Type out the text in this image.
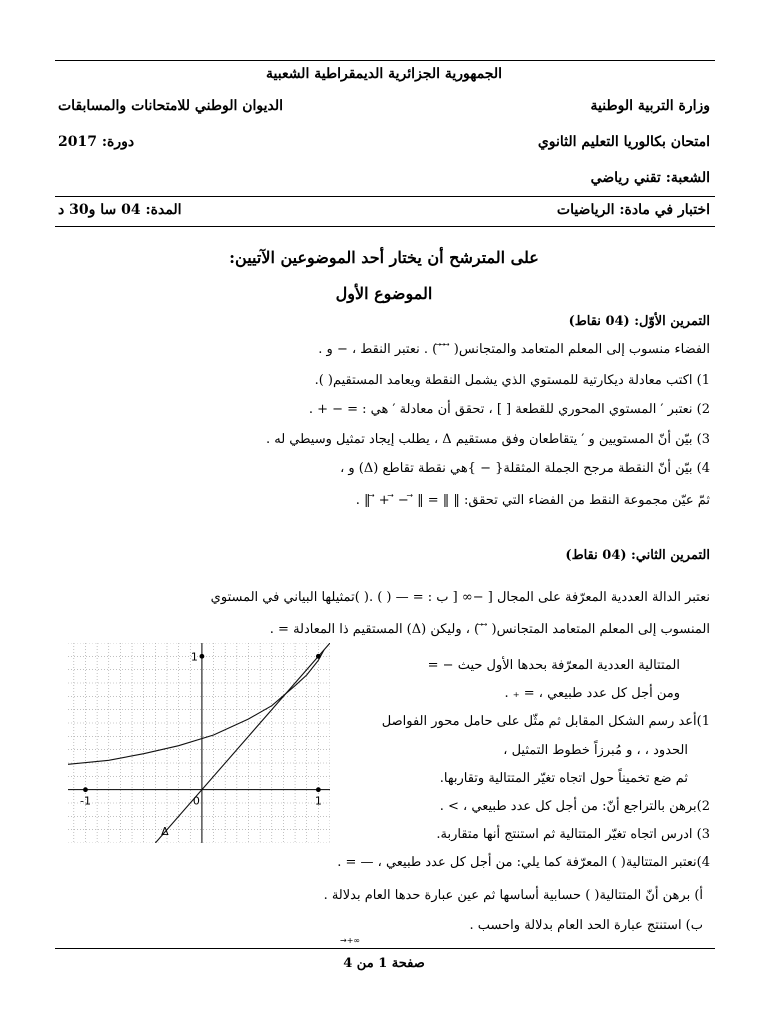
الجمهورية الجزائرية الديمقراطية الشعبية
وزارة التربية الوطنية
الديوان الوطني للامتحانات والمسابقات
امتحان بكالوريا التعليم الثانوي
دورة: 2017
الشعبة: تقني رياضي
اختبار في مادة: الرياضيات
المدة: 04 سا و30 د
على المترشح أن يختار أحد الموضوعين الآتيين:
الموضوع الأول
التمرين الأوّل: (04 نقاط)
الفضاء منسوب إلى المعلم المتعامد والمتجانس( ⃗ ⃗ ⃗ ) . نعتبر النقط ، − و .
1) اكتب معادلة ديكارتية للمستوي الذي يشمل النقطة ويعامد المستقيم( ).
2) نعتبر ′ المستوي المحوري للقطعة [ ] ، تحقق أن معادلة ′ هي : = − + .
3) بيّن أنّ المستويين و ′ يتقاطعان وفق مستقيم Δ ، يطلب إيجاد تمثيل وسيطي له .
4) بيّن أنّ النقطة مرجح الجملة المثقلة{ − }هي نقطة تقاطع (Δ) و ،
ثمّ عيّن مجموعة النقط من الفضاء التي تحقق: ‖ ‖ = ‖ ⃗ − ⃗ + ⃗ ‖ .
التمرين الثاني: (04 نقاط)
نعتبر الدالة العددية المعرّفة على المجال [ −∞ [ ب : = — ( ) .( )تمثيلها البياني في المستوي
المنسوب إلى المعلم المتعامد المتجانس( ⃗ ⃗ ) ، وليكن (Δ) المستقيم ذا المعادلة = .
المتتالية العددية المعرّفة بحدها الأول حيث − =
ومن أجل كل عدد طبيعي ، = ₊ .
1)أعد رسم الشكل المقابل ثم مثّل على حامل محور الفواصل
الحدود ، ، و مُبرزاً خطوط التمثيل ،
ثم ضع تخميناً حول اتجاه تغيّر المتتالية وتقاربها.
2)برهن بالتراجع أنّ: من أجل كل عدد طبيعي ، > .
3) ادرس اتجاه تغيّر المتتالية ثم استنتج أنها متقاربة.
4)نعتبر المتتالية( ) المعرّفة كما يلي: من أجل كل عدد طبيعي ، — = .
أ) برهن أنّ المتتالية( ) حسابية أساسها ثم عين عبارة حدها العام بدلالة .
ب) استنتج عبارة الحد العام بدلالة واحسب .
→+∞
-1	0	1
1
Δ
صفحة 1 من 4
